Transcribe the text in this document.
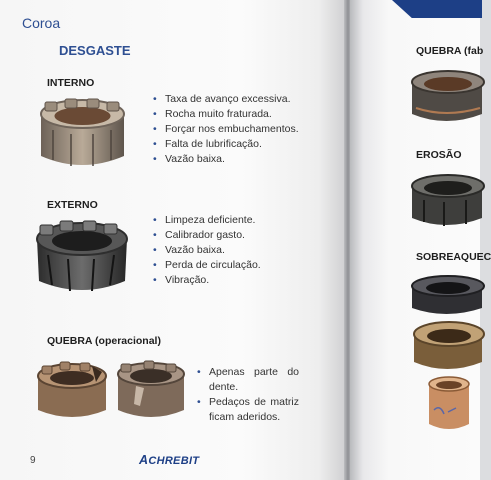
Coroa
DESGASTE
INTERNO
• Taxa de avanço excessiva.
• Rocha muito fraturada.
• Forçar nos embuchamentos.
• Falta de lubrificação.
• Vazão baixa.
EXTERNO
• Limpeza deficiente.
• Calibrador gasto.
• Vazão baixa.
• Perda de circulação.
• Vibração.
QUEBRA (operacional)
• Apenas parte do dente.
• Pedaços de matriz ficam aderidos.
9	ACHREBIT
QUEBRA (fab
EROSÃO
SOBREAQUEC
